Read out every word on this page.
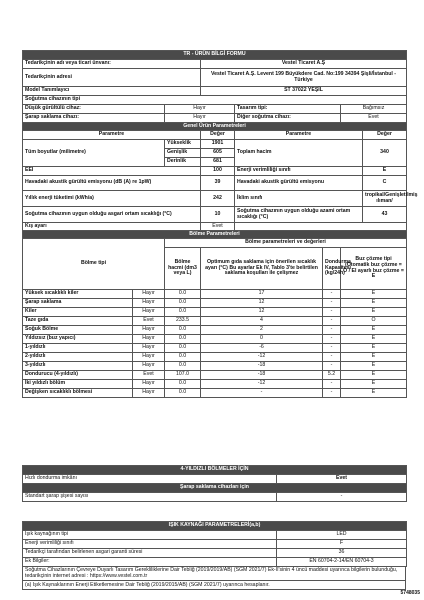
TR - ÜRÜN BİLGİ FORMU							
Tedarikçinin adı veya ticari ünvanı:			Vestel Ticaret A.Ş				
Tedarikçinin adresi			Vestel Ticaret A.Ş. Levent 199 Büyükdere Cad. No:199 34394 Şişli/İstanbul - Türkiye				
Model Tanımlayıcı			ST 37022 YEŞİL				
Soğutma cihazının tipi							
Düşük gürültülü cihaz:		Hayır		Tasarım tipi:		Bağımsız	
Şarap saklama cihazı:		Hayır		Diğer soğutma cihazı:		Evet	
Genel Ürün Parametreleri							
Parametre			Değer	Parametre			Değer
Tüm boyutlar (milimetre)		Yükseklik	1901	Toplam hacim			340
		Genişlik	605				
		Derinlik	681				
EEI			100	Enerji verimliliği sınıfı			E
Havadaki akustik gürültü emisyonu (dB (A) re 1pW)			39	Havadaki akustik gürültü emisyonu			C
Yıllık enerji tüketimi (kWh/a)			242	İklim sınıfı			tropikal/Genişletilmiş ılıman/
Soğutma cihazının uygun olduğu asgari ortam sıcaklığı (°C)			10	Soğutma cihazının uygun olduğu azami ortam sıcaklığı (°C)			43
Kış ayarı			Evet				
Bölme Parametreleri							
Bölme tipi		Bölme parametreleri ve değerleri					
		Bölme hacmi (dm3 veya L)	Optimum gıda saklama için önerilen sıcaklık ayarı (°C) Bu ayarlar Ek IV, Tablo 3'te belirtilen saklama koşulları ile çelişmez		Dondurma Kapasitesi (kg/24h)	Buz çözme tipi (Otomatik buz çözme = O / El ayarlı buz çözme = E	
Yüksek sıcaklıklı kiler	Hayır	0.0	17		-	E	
Şarap saklama	Hayır	0.0	12		-	E	
Kiler	Hayır	0.0	12		-	E	
Taze gıda	Evet	233.5	4		-	O	
Soğuk Bölme	Hayır	0.0	2		-	E	
Yıldızsız (buz yapıcı)	Hayır	0.0	0		-	E	
1-yıldızlı	Hayır	0.0	-6		-	E	
2-yıldızlı	Hayır	0.0	-12		-	E	
3-yıldızlı	Hayır	0.0	-18		-	E	
Dondurucu (4-yıldızlı)	Evet	107.0	-18		5.2	E	
İki yıldızlı bölüm	Hayır	0.0	-12		-	E	
Değişken sıcaklıklı bölmesi	Hayır	0.0	-		-	E	
4-YILDIZLI BÖLMELER İÇİN	
Hızlı dondurma imkânı	Evet
Şarap saklama cihazları için	
Standart şarap şişesi sayısı	-
IŞIK KAYNAĞI PARAMETRELERİ(a,b)	
Işık kaynağının tipi	LED
Enerji verimliliği sınıfı	F
Tedarikçi tarafından belirlenen asgari garanti süresi	36
Ek Bilgiler:	EN 60704-2-14/EN 60704-3
Soğutma Cihazlarının Çevreye Duyarlı Tasarım Gerekliliklerine Dair Tebliğ (2019/2019/AB) (SGM 2021/7) Ek-II'sinin 4 üncü maddesi uyarınca bilgilerin bulunduğu, tedarikçinin internet adresi : https://www.vestel.com.tr
(a) Işık Kaynaklarının Enerji Etiketlemesine Dair Tebliğ (2019/2015/AB) (SGM 2021/7) uyarınca hesaplanır.
5748035
